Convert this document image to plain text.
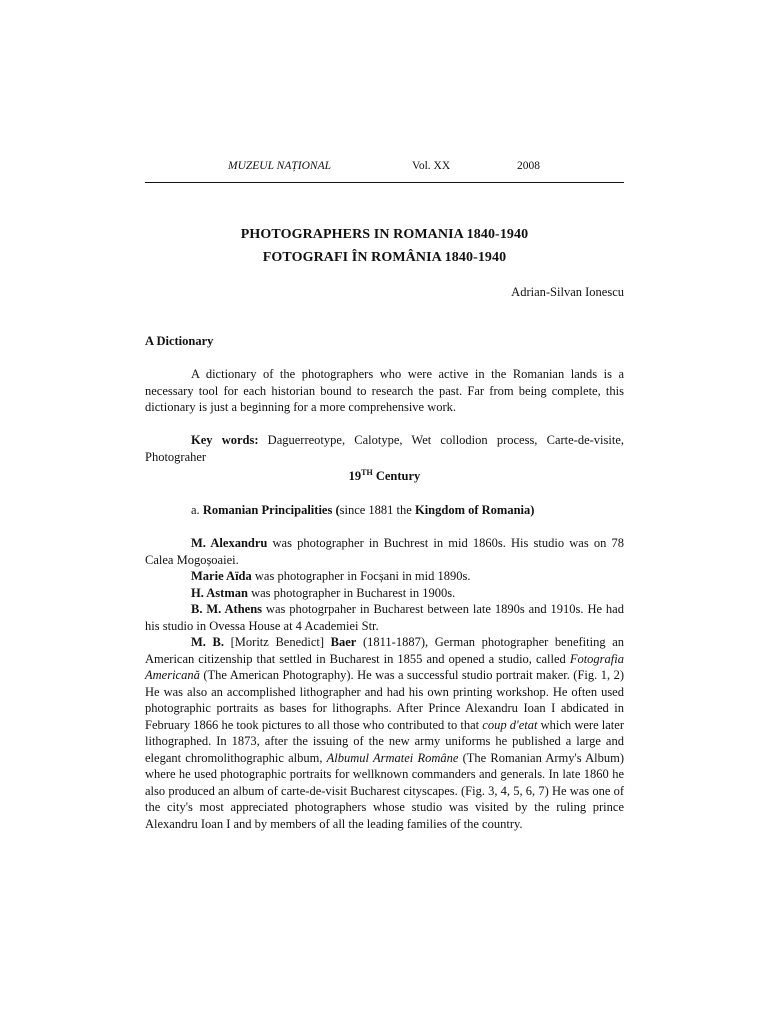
MUZEUL NAȚIONAL	Vol. XX	2008
PHOTOGRAPHERS IN ROMANIA 1840-1940
FOTOGRAFI ÎN ROMÂNIA 1840-1940
Adrian-Silvan Ionescu
A Dictionary

A dictionary of the photographers who were active in the Romanian lands is a necessary tool for each historian bound to research the past. Far from being complete, this dictionary is just a beginning for a more comprehensive work.

Key words: Daguerreotype, Calotype, Wet collodion process, Carte-de-visite, Photograher

19TH Century

a. Romanian Principalities (since 1881 the Kingdom of Romania)

M. Alexandru was photographer in Buchrest in mid 1860s. His studio was on 78 Calea Mogoșoaiei.

Marie Aïda was photographer in Focșani in mid 1890s.

H. Astman was photographer in Bucharest in 1900s.

B. M. Athens was photogrpaher in Bucharest between late 1890s and 1910s. He had his studio in Ovessa House at 4 Academiei Str.

M. B. [Moritz Benedict] Baer (1811-1887), German photographer benefiting an American citizenship that settled in Bucharest in 1855 and opened a studio, called Fotografia Americană (The American Photography). He was a successful studio portrait maker. (Fig. 1, 2) He was also an accomplished lithographer and had his own printing workshop. He often used photographic portraits as bases for lithographs. After Prince Alexandru Ioan I abdicated in February 1866 he took pictures to all those who contributed to that coup d'etat which were later lithographed. In 1873, after the issuing of the new army uniforms he published a large and elegant chromolithographic album, Albumul Armatei Române (The Romanian Army's Album) where he used photographic portraits for wellknown commanders and generals. In late 1860 he also produced an album of carte-de-visit Bucharest cityscapes. (Fig. 3, 4, 5, 6, 7) He was one of the city's most appreciated photographers whose studio was visited by the ruling prince Alexandru Ioan I and by members of all the leading families of the country.
